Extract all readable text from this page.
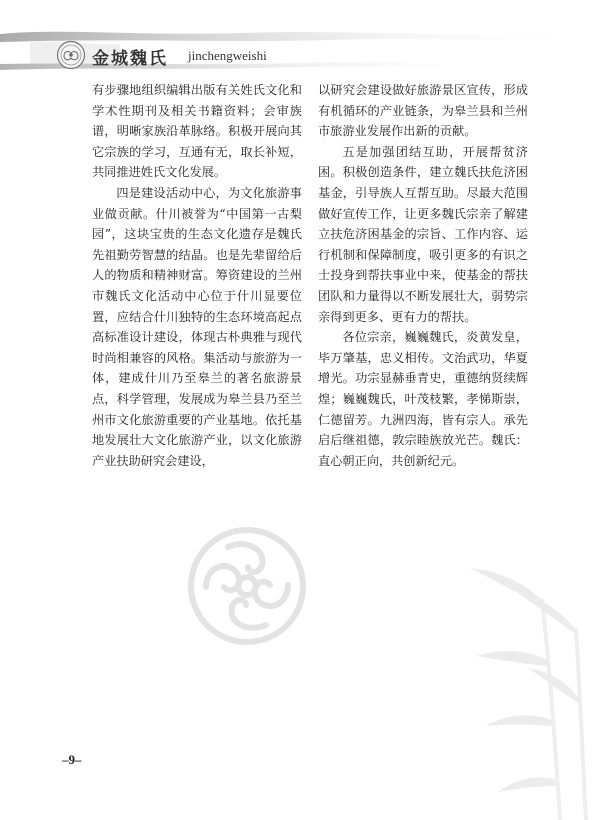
金城魏氏 jinchengweishi

有步骤地组织编辑出版有关姓氏文化和学术性期刊及相关书籍资料；会审族谱，明晰家族沿革脉络。积极开展向其它宗族的学习，互通有无，取长补短，共同推进姓氏文化发展。

四是建设活动中心，为文化旅游事业做贡献。什川被誉为“中国第一古梨园”，这块宝贵的生态文化遗存是魏氏先祖勤劳智慧的结晶。也是先辈留给后人的物质和精神财富。筹资建设的兰州市魏氏文化活动中心位于什川显要位置，应结合什川独特的生态环境高起点高标准设计建设，体现古朴典雅与现代时尚相兼容的风格。集活动与旅游为一体，建成什川乃至皋兰的著名旅游景点，科学管理，发展成为皋兰县乃至兰州市文化旅游重要的产业基地。依托基地发展壮大文化旅游产业，以文化旅游产业扶助研究会建设，

以研究会建设做好旅游景区宣传，形成有机循环的产业链条，为皋兰县和兰州市旅游业发展作出新的贡献。

五是加强团结互助，开展帮贫济困。积极创造条件，建立魏氏扶危济困基金，引导族人互帮互助。尽最大范围做好宣传工作，让更多魏氏宗亲了解建立扶危济困基金的宗旨、工作内容、运行机制和保障制度，吸引更多的有识之士投身到帮扶事业中来，使基金的帮扶团队和力量得以不断发展壮大，弱势宗亲得到更多、更有力的帮扶。

各位宗亲，巍巍魏氏，炎黄发皇，毕万肇基，忠义相传。文治武功，华夏增光。功宗显赫垂青史，重德纳贤续辉煌；巍巍魏氏，叶茂枝繁，孝悌斯崇，仁德留芳。九洲四海，皆有宗人。承先启后继祖德，敦宗睦族放光芒。魏氏：直心朝正向，共创新纪元。

–9–
